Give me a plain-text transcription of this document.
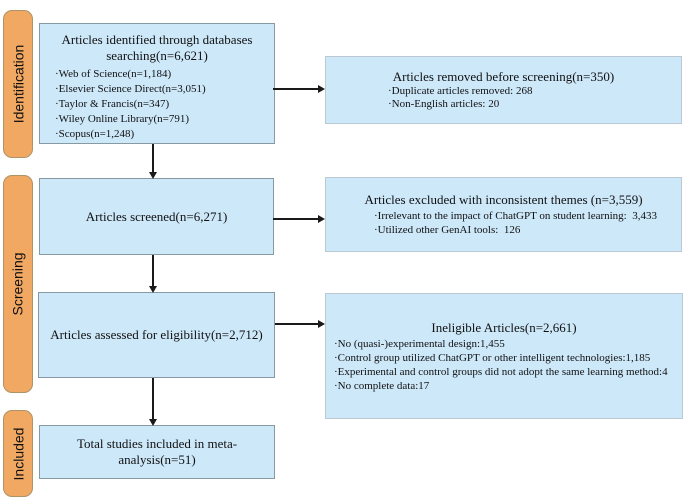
Identification
Screening
Included
Articles identified through databases searching(n=6,621)
·Web of Science(n=1,184)
·Elsevier Science Direct(n=3,051)
·Taylor & Francis(n=347)
·Wiley Online Library(n=791)
·Scopus(n=1,248)
Articles screened(n=6,271)
Articles assessed for eligibility(n=2,712)
Total studies included in meta-analysis(n=51)
Articles removed before screening(n=350)
·Duplicate articles removed: 268
·Non-English articles: 20
Articles excluded with inconsistent themes (n=3,559)
·Irrelevant to the impact of ChatGPT on student learning:  3,433
·Utilized other GenAI tools:  126
Ineligible Articles(n=2,661)
·No (quasi-)experimental design:1,455
·Control group utilized ChatGPT or other intelligent technologies:1,185
·Experimental and control groups did not adopt the same learning method:4
·No complete data:17
